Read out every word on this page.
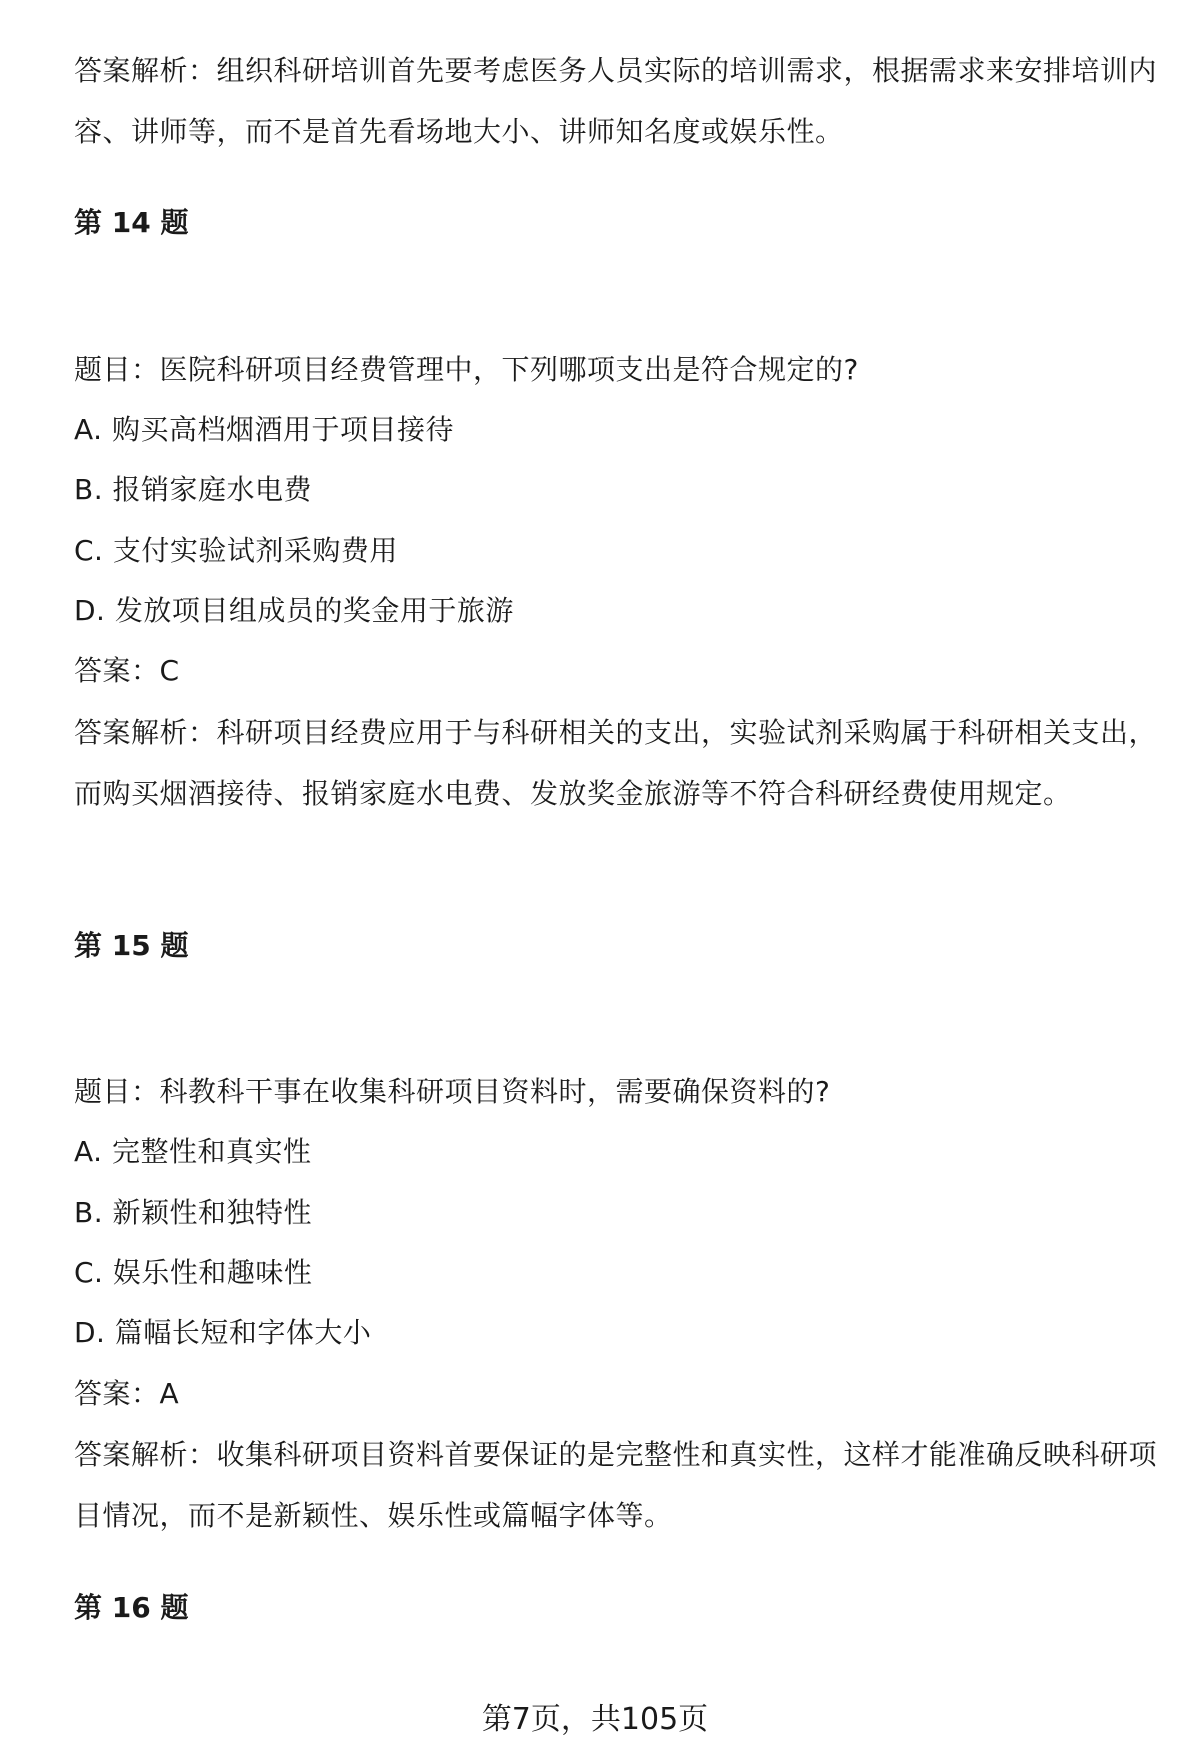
答案解析：组织科研培训首先要考虑医务人员实际的培训需求，根据需求来安排培训内容、讲师等，而不是首先看场地大小、讲师知名度或娱乐性。
第 14 题
题目：医院科研项目经费管理中，下列哪项支出是符合规定的?
A. 购买高档烟酒用于项目接待
B. 报销家庭水电费
C. 支付实验试剂采购费用
D. 发放项目组成员的奖金用于旅游
答案：C
答案解析：科研项目经费应用于与科研相关的支出，实验试剂采购属于科研相关支出，而购买烟酒接待、报销家庭水电费、发放奖金旅游等不符合科研经费使用规定。
第 15 题
题目：科教科干事在收集科研项目资料时，需要确保资料的?
A. 完整性和真实性
B. 新颖性和独特性
C. 娱乐性和趣味性
D. 篇幅长短和字体大小
答案：A
答案解析：收集科研项目资料首要保证的是完整性和真实性，这样才能准确反映科研项目情况，而不是新颖性、娱乐性或篇幅字体等。
第 16 题
第7页，共105页
